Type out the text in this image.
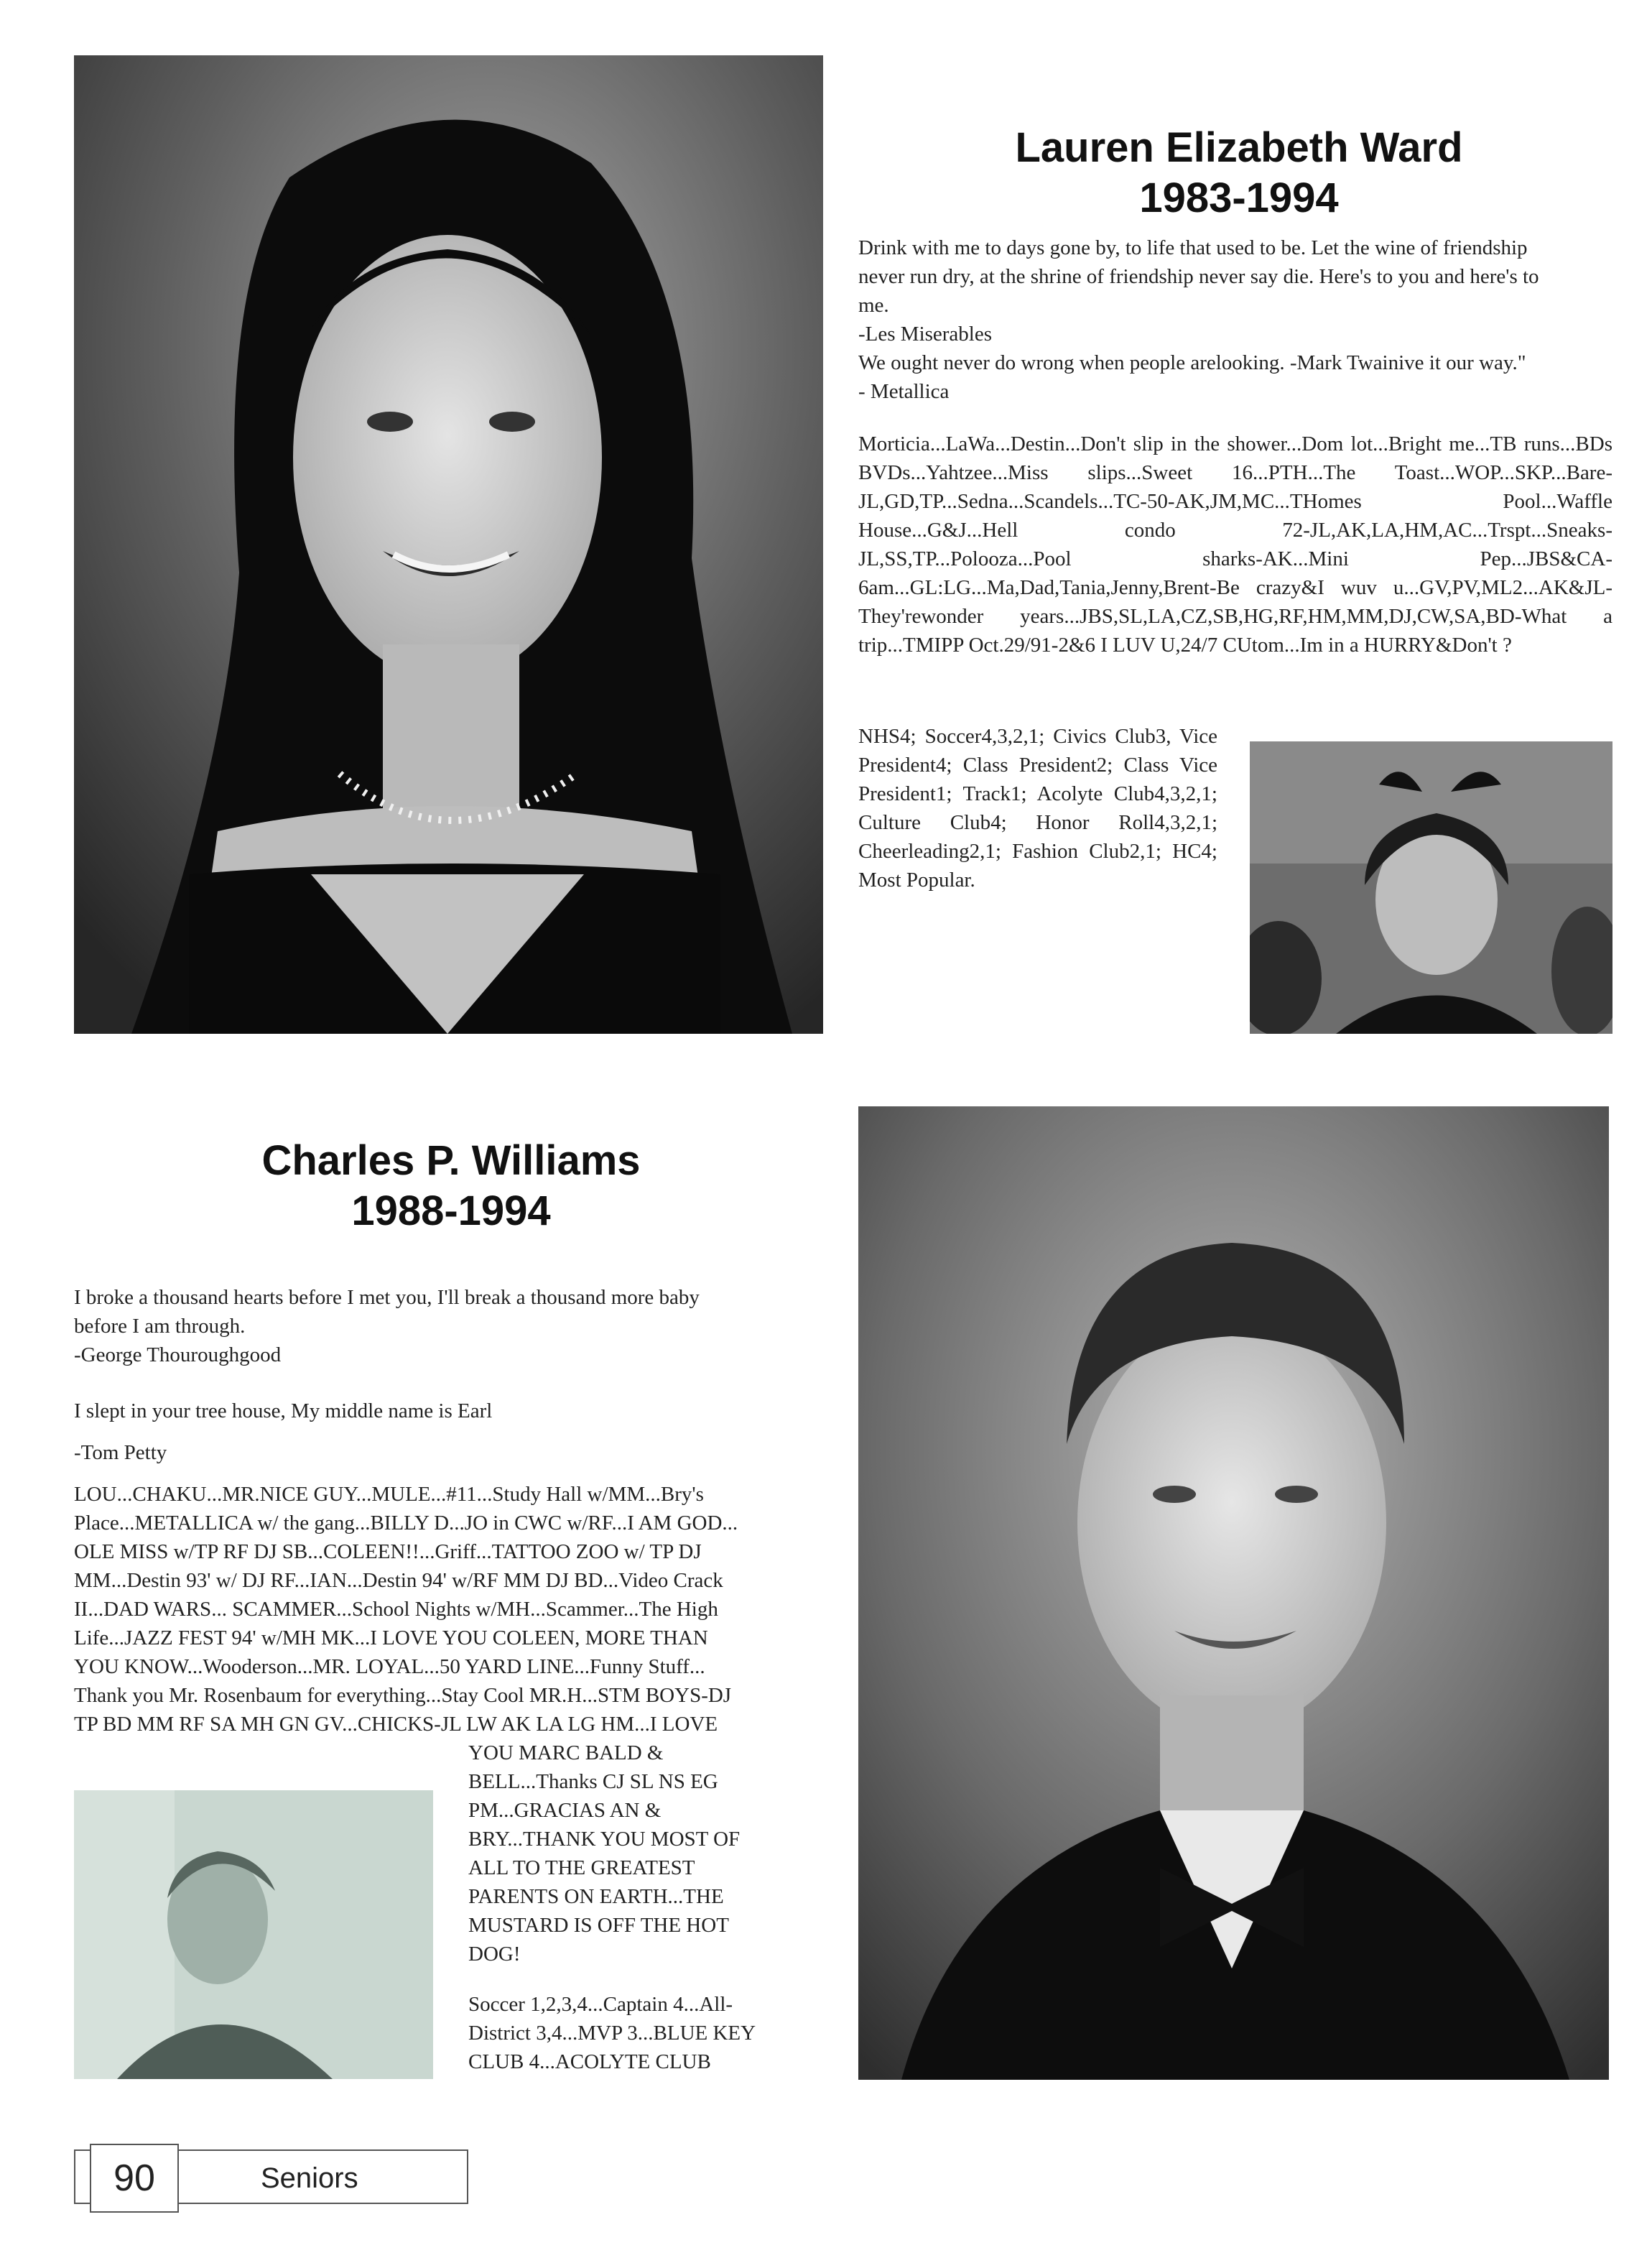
Lauren Elizabeth Ward
1983-1994
Drink with me to days gone by, to life that used to be. Let the wine of friendship
never run dry, at the shrine of friendship never say die. Here's to you and here's to
me.
-Les Miserables
We ought never do wrong when people arelooking. -Mark Twainive it our way."
- Metallica
Morticia...LaWa...Destin...Don't slip in the shower...Dom lot...Bright me...TB runs...BDs BVDs...Yahtzee...Miss slips...Sweet 16...PTH...The Toast...WOP...SKP...Bare-JL,GD,TP...Sedna...Scandels...TC-50-AK,JM,MC...THomes Pool...Waffle House...G&J...Hell condo 72-JL,AK,LA,HM,AC...Trspt...Sneaks-JL,SS,TP...Polooza...Pool sharks-AK...Mini Pep...JBS&CA-6am...GL:LG...Ma,Dad,Tania,Jenny,Brent-Be crazy&I wuv u...GV,PV,ML2...AK&JL-They'rewonder years...JBS,SL,LA,CZ,SB,HG,RF,HM,MM,DJ,CW,SA,BD-What a trip...TMIPP Oct.29/91-2&6 I LUV U,24/7 CUtom...Im in a HURRY&Don't ?
NHS4; Soccer4,3,2,1; Civics Club3, Vice President4; Class President2; Class Vice President1; Track1; Acolyte Club4,3,2,1; Culture Club4; Honor Roll4,3,2,1; Cheerleading2,1; Fashion Club2,1; HC4; Most Popular.
Charles P. Williams
1988-1994
I broke a thousand hearts before I met you, I'll break a thousand more baby
before I am through.
-George Thouroughgood
I slept in your tree house, My middle name is Earl
-Tom Petty
LOU...CHAKU...MR.NICE GUY...MULE...#11...Study Hall w/MM...Bry's
Place...METALLICA w/ the gang...BILLY D...JO in CWC w/RF...I AM GOD...
OLE MISS w/TP RF DJ SB...COLEEN!!...Griff...TATTOO ZOO w/ TP DJ
MM...Destin 93' w/ DJ RF...IAN...Destin 94' w/RF MM DJ BD...Video Crack
II...DAD WARS... SCAMMER...School Nights w/MH...Scammer...The High
Life...JAZZ FEST 94' w/MH MK...I LOVE YOU COLEEN, MORE THAN
YOU KNOW...Wooderson...MR. LOYAL...50 YARD LINE...Funny Stuff...
Thank you Mr. Rosenbaum for everything...Stay Cool MR.H...STM BOYS-DJ
TP BD MM RF SA MH GN GV...CHICKS-JL LW AK LA LG HM...I LOVE
YOU MARC BALD &
BELL...Thanks CJ SL NS EG
PM...GRACIAS AN &
BRY...THANK YOU MOST OF
ALL TO THE GREATEST
PARENTS ON EARTH...THE
MUSTARD IS OFF THE HOT
DOG!
Soccer 1,2,3,4...Captain 4...All-
District 3,4...MVP 3...BLUE KEY
CLUB 4...ACOLYTE CLUB
90	Seniors
